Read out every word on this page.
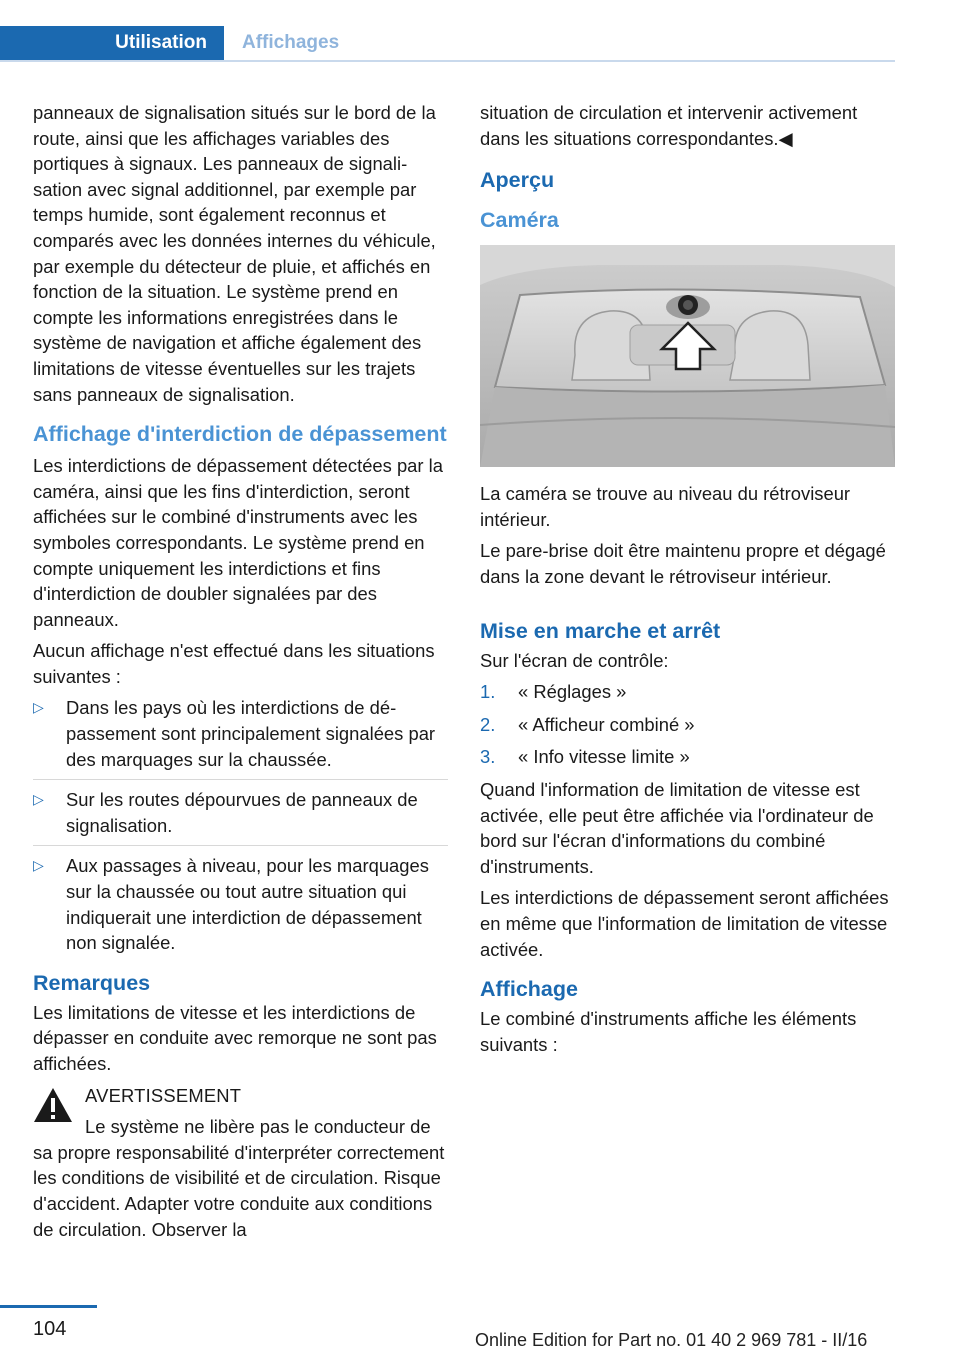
Utilisation	Affichages

panneaux de signalisation situés sur le bord de la route, ainsi que les affichages variables des portiques à signaux. Les panneaux de signalisation avec signal additionnel, par exemple par temps humide, sont également reconnus et comparés avec les données internes du véhicule, par exemple du détecteur de pluie, et affichés en fonction de la situation. Le système prend en compte les informations enregistrées dans le système de navigation et affiche également des limitations de vitesse éventuelles sur les trajets sans panneaux de signalisation.

Affichage d'interdiction de dépassement

Les interdictions de dépassement détectées par la caméra, ainsi que les fins d'interdiction, seront affichées sur le combiné d'instruments avec les symboles correspondants. Le système prend en compte uniquement les interdictions et fins d'interdiction de doubler signalées par des panneaux.

Aucun affichage n'est effectué dans les situations suivantes :

▷ Dans les pays où les interdictions de dépassement sont principalement signalées par des marquages sur la chaussée.
▷ Sur les routes dépourvues de panneaux de signalisation.
▷ Aux passages à niveau, pour les marquages sur la chaussée ou tout autre situation qui indiquerait une interdiction de dépassement non signalée.
Remarques

Les limitations de vitesse et les interdictions de dépasser en conduite avec remorque ne sont pas affichées.

AVERTISSEMENT

Le système ne libère pas le conducteur de sa propre responsabilité d'interpréter correctement les conditions de visibilité et de circulation. Risque d'accident. Adapter votre conduite aux conditions de circulation. Observer la

situation de circulation et intervenir activement dans les situations correspondantes.◀

Aperçu
Caméra

La caméra se trouve au niveau du rétroviseur intérieur.

Le pare-brise doit être maintenu propre et dégagé dans la zone devant le rétroviseur intérieur.

Mise en marche et arrêt

Sur l'écran de contrôle:

1. « Réglages »
2. « Afficheur combiné »
3. « Info vitesse limite »

Quand l'information de limitation de vitesse est activée, elle peut être affichée via l'ordinateur de bord sur l'écran d'informations du combiné d'instruments.

Les interdictions de dépassement seront affichées en même que l'information de limitation de vitesse activée.

Affichage

Le combiné d'instruments affiche les éléments suivants :

104	Online Edition for Part no. 01 40 2 969 781 - II/16
